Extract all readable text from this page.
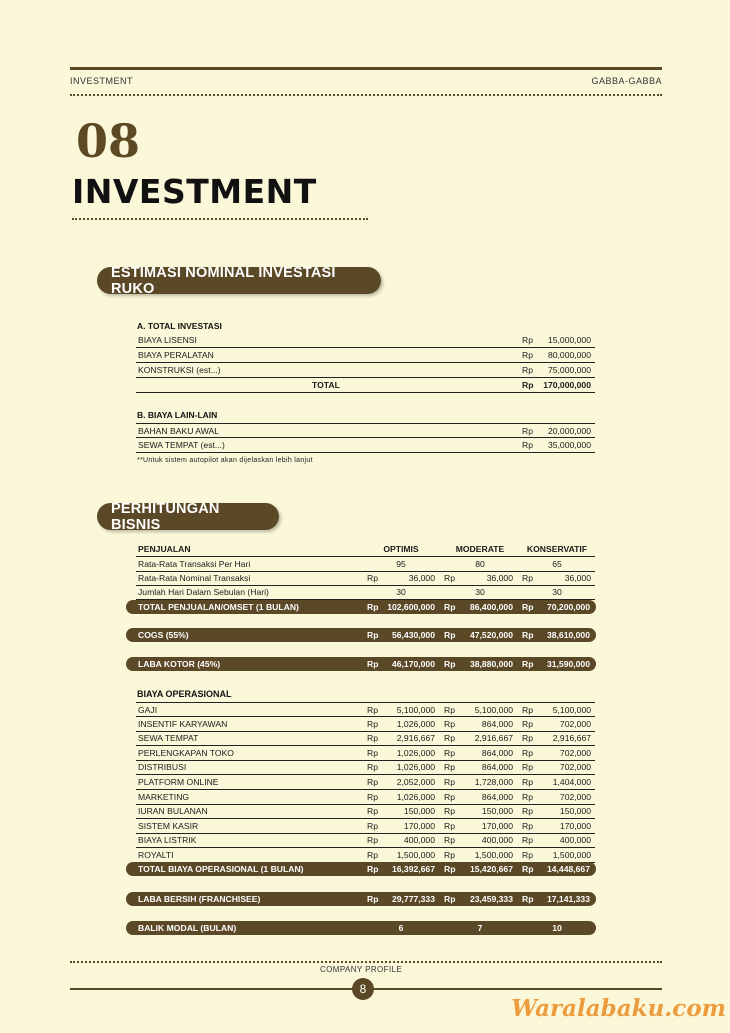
INVESTMENT	GABBA-GABBA
08
INVESTMENT
ESTIMASI NOMINAL INVESTASI RUKO
A. TOTAL INVESTASI
BIAYA LISENSI	Rp 15,000,000
BIAYA PERALATAN	Rp 80,000,000
KONSTRUKSI (est...)	Rp 75,000,000
TOTAL	Rp 170,000,000
B. BIAYA LAIN-LAIN
BAHAN BAKU AWAL	Rp 20,000,000
SEWA TEMPAT (est...)	Rp 35,000,000
**Untuk sistem autopilot akan dijelaskan lebih lanjut
PERHITUNGAN BISNIS
PENJUALAN	OPTIMIS	MODERATE	KONSERVATIF
Rata-Rata Transaksi Per Hari	95	80	65
Rata-Rata Nominal Transaksi	Rp	36,000 Rp	36,000 Rp	36,000
Jumlah Hari Dalam Sebulan (Hari)	30	30	30
TOTAL PENJUALAN/OMSET (1 BULAN)	Rp 102,600,000 Rp 86,400,000 Rp 70,200,000
COGS (55%)	Rp 56,430,000 Rp 47,520,000 Rp 38,610,000
LABA KOTOR (45%)	Rp 46,170,000 Rp 38,880,000 Rp 31,590,000
BIAYA OPERASIONAL
GAJI	Rp 5,100,000 Rp 5,100,000 Rp 5,100,000
INSENTIF KARYAWAN	Rp 1,026,000 Rp	864,000 Rp	702,000
SEWA TEMPAT	Rp 2,916,667 Rp 2,916,667 Rp 2,916,667
PERLENGKAPAN TOKO	Rp 1,026,000 Rp	864,000 Rp	702,000
DISTRIBUSI	Rp 1,026,000 Rp	864,000 Rp	702,000
PLATFORM ONLINE	Rp 2,052,000 Rp 1,728,000 Rp 1,404,000
MARKETING	Rp 1,026,000 Rp	864,000 Rp	702,000
IURAN BULANAN	Rp	150,000 Rp	150,000 Rp	150,000
SISTEM KASIR	Rp	170,000 Rp	170,000 Rp	170,000
BIAYA LISTRIK	Rp	400,000 Rp	400,000 Rp	400,000
ROYALTI	Rp 1,500,000 Rp 1,500,000 Rp 1,500,000
TOTAL BIAYA OPERASIONAL (1 BULAN)	Rp 16,392,667 Rp 15,420,667 Rp 14,448,667
LABA BERSIH (FRANCHISEE)	Rp 29,777,333 Rp 23,459,333 Rp 17,141,333
BALIK MODAL (BULAN)	6	7	10
COMPANY PROFILE
8
Waralabaku.com
